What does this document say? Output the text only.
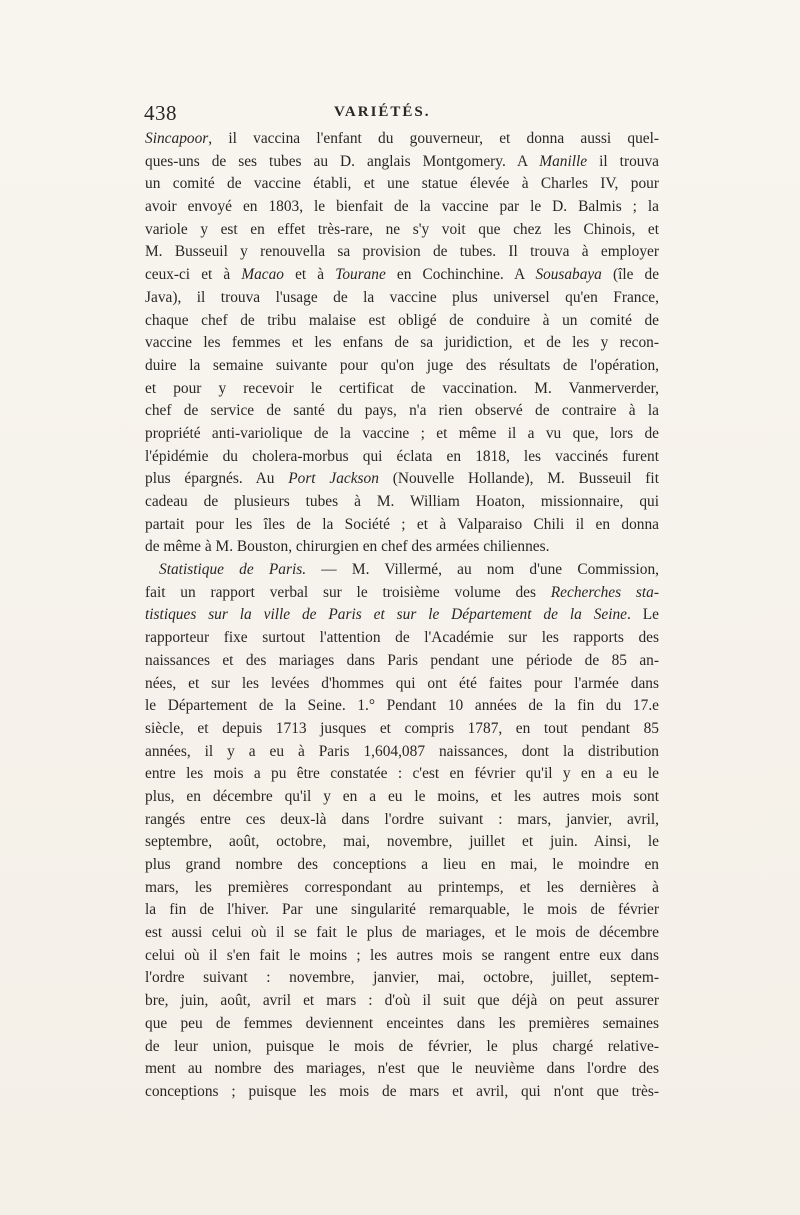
438	VARIÉTÉS.
Sincapoor, il vaccina l'enfant du gouverneur, et donna aussi quel-
ques-uns de ses tubes au D. anglais Montgomery. A Manille il trouva
un comité de vaccine établi, et une statue élevée à Charles IV, pour
avoir envoyé en 1803, le bienfait de la vaccine par le D. Balmis ; la
variole y est en effet très-rare, ne s'y voit que chez les Chinois, et
M. Busseuil y renouvella sa provision de tubes. Il trouva à employer
ceux-ci et à Macao et à Tourane en Cochinchine. A Sousabaya (île de
Java), il trouva l'usage de la vaccine plus universel qu'en France,
chaque chef de tribu malaise est obligé de conduire à un comité de
vaccine les femmes et les enfans de sa juridiction, et de les y recon-
duire la semaine suivante pour qu'on juge des résultats de l'opération,
et pour y recevoir le certificat de vaccination. M. Vanmerverder,
chef de service de santé du pays, n'a rien observé de contraire à la
propriété anti-variolique de la vaccine ; et même il a vu que, lors de
l'épidémie du cholera-morbus qui éclata en 1818, les vaccinés furent
plus épargnés. Au Port Jackson (Nouvelle Hollande), M. Busseuil fit
cadeau de plusieurs tubes à M. William Hoaton, missionnaire, qui
partait pour les îles de la Société ; et à Valparaiso Chili il en donna
de même à M. Bouston, chirurgien en chef des armées chiliennes.
Statistique de Paris. — M. Villermé, au nom d'une Commission,
fait un rapport verbal sur le troisième volume des Recherches sta-
tistiques sur la ville de Paris et sur le Département de la Seine. Le
rapporteur fixe surtout l'attention de l'Académie sur les rapports des
naissances et des mariages dans Paris pendant une période de 85 an-
nées, et sur les levées d'hommes qui ont été faites pour l'armée dans
le Département de la Seine. 1.° Pendant 10 années de la fin du 17.e
siècle, et depuis 1713 jusques et compris 1787, en tout pendant 85
années, il y a eu à Paris 1,604,087 naissances, dont la distribution
entre les mois a pu être constatée : c'est en février qu'il y en a eu le
plus, en décembre qu'il y en a eu le moins, et les autres mois sont
rangés entre ces deux-là dans l'ordre suivant : mars, janvier, avril,
septembre, août, octobre, mai, novembre, juillet et juin. Ainsi, le
plus grand nombre des conceptions a lieu en mai, le moindre en
mars, les premières correspondant au printemps, et les dernières à
la fin de l'hiver. Par une singularité remarquable, le mois de février
est aussi celui où il se fait le plus de mariages, et le mois de décembre
celui où il s'en fait le moins ; les autres mois se rangent entre eux dans
l'ordre suivant : novembre, janvier, mai, octobre, juillet, septem-
bre, juin, août, avril et mars : d'où il suit que déjà on peut assurer
que peu de femmes deviennent enceintes dans les premières semaines
de leur union, puisque le mois de février, le plus chargé relative-
ment au nombre des mariages, n'est que le neuvième dans l'ordre des
conceptions ; puisque les mois de mars et avril, qui n'ont que très-
